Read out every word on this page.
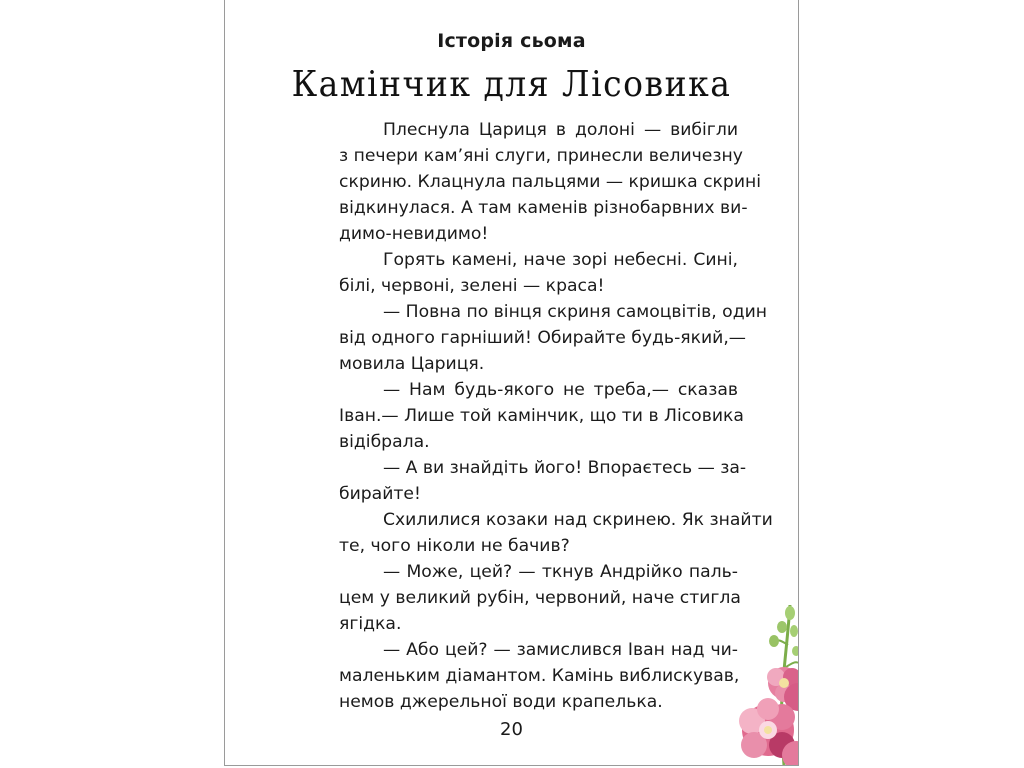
Історія сьома
Камінчик для Лісовика
Плеснула Цариця в долоні — вибігли
з печери кам’яні слуги, принесли величезну
скриню. Клацнула пальцями — кришка скрині
відкинулася. А там каменів різнобарвних ви-
димо-невидимо!
Горять камені, наче зорі небесні. Сині,
білі, червоні, зелені — краса!
— Повна по вінця скриня самоцвітів, один
від одного гарніший! Обирайте будь-який,—
мовила Цариця.
— Нам будь-якого не треба,— сказав
Іван.— Лише той камінчик, що ти в Лісовика
відібрала.
— А ви знайдіть його! Впораєтесь — за-
бирайте!
Схилилися козаки над скринею. Як знайти
те, чого ніколи не бачив?
— Може, цей? — ткнув Андрійко паль-
цем у великий рубін, червоний, наче стигла
ягідка.
— Або цей? — замислився Іван над чи-
маленьким діамантом. Камінь виблискував,
немов джерельної води крапелька.
20
